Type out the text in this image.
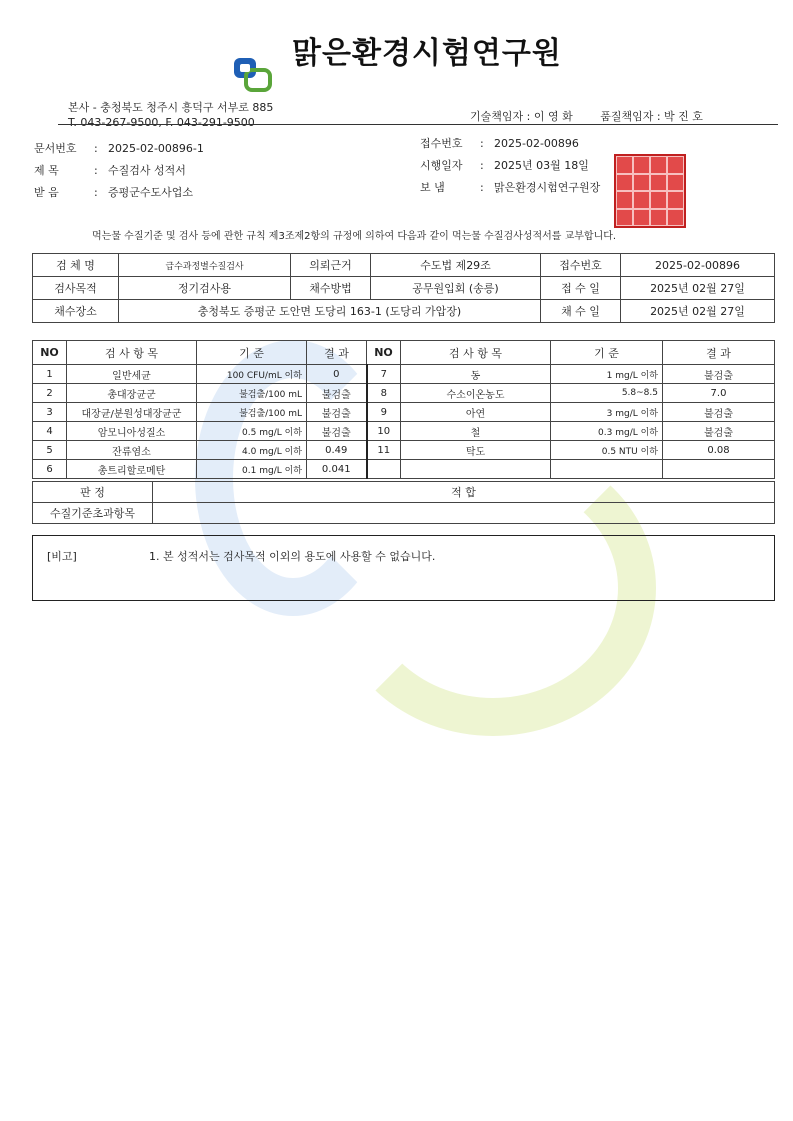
맑은환경시험연구원
본사 - 충청북도 청주시 흥덕구 서부로 885
T. 043-267-9500, F. 043-291-9500	기술책임자 : 이 영 화	품질책임자 : 박 진 호
문서번호 : 2025-02-00896-1
제 목	: 수질검사 성적서
받 음	: 증평군수도사업소
접수번호 : 2025-02-00896
시행일자 : 2025년 03월 18일
보 냄	: 맑은환경시험연구원장
먹는물 수질기준 및 검사 등에 관한 규칙 제3조제2항의 규정에 의하여 다음과 같이 먹는물 수질검사성적서를 교부합니다.
검 체 명	급수과정별수질검사	의뢰근거	수도법 제29조	접수번호	2025-02-00896
검사목적	정기검사용	채수방법	공무원입회 (송릉)	접 수 일	2025년 02월 27일
채수장소	충청북도 증평군 도안면 도당리 163-1 (도당리 가압장)			채 수 일	2025년 02월 27일
NO	검 사 항 목	기 준	결 과	NO	검 사 항 목	기 준	결 과
1	일반세균	100 CFU/mL 이하	0	7	동	1 mg/L 이하	불검출
2	총대장균군	불검출/100 mL	불검출	8	수소이온농도	5.8~8.5	7.0
3	대장균/분원성대장균군	불검출/100 mL	불검출	9	아연	3 mg/L 이하	불검출
4	암모니아성질소	0.5 mg/L 이하	불검출	10	철	0.3 mg/L 이하	불검출
5	잔류염소	4.0 mg/L 이하	0.49	11	탁도	0.5 NTU 이하	0.08
6	총트리할로메탄	0.1 mg/L 이하	0.041				
판 정	적 합
수질기준초과항목	
[비고]	1. 본 성적서는 검사목적 이외의 용도에 사용할 수 없습니다.
